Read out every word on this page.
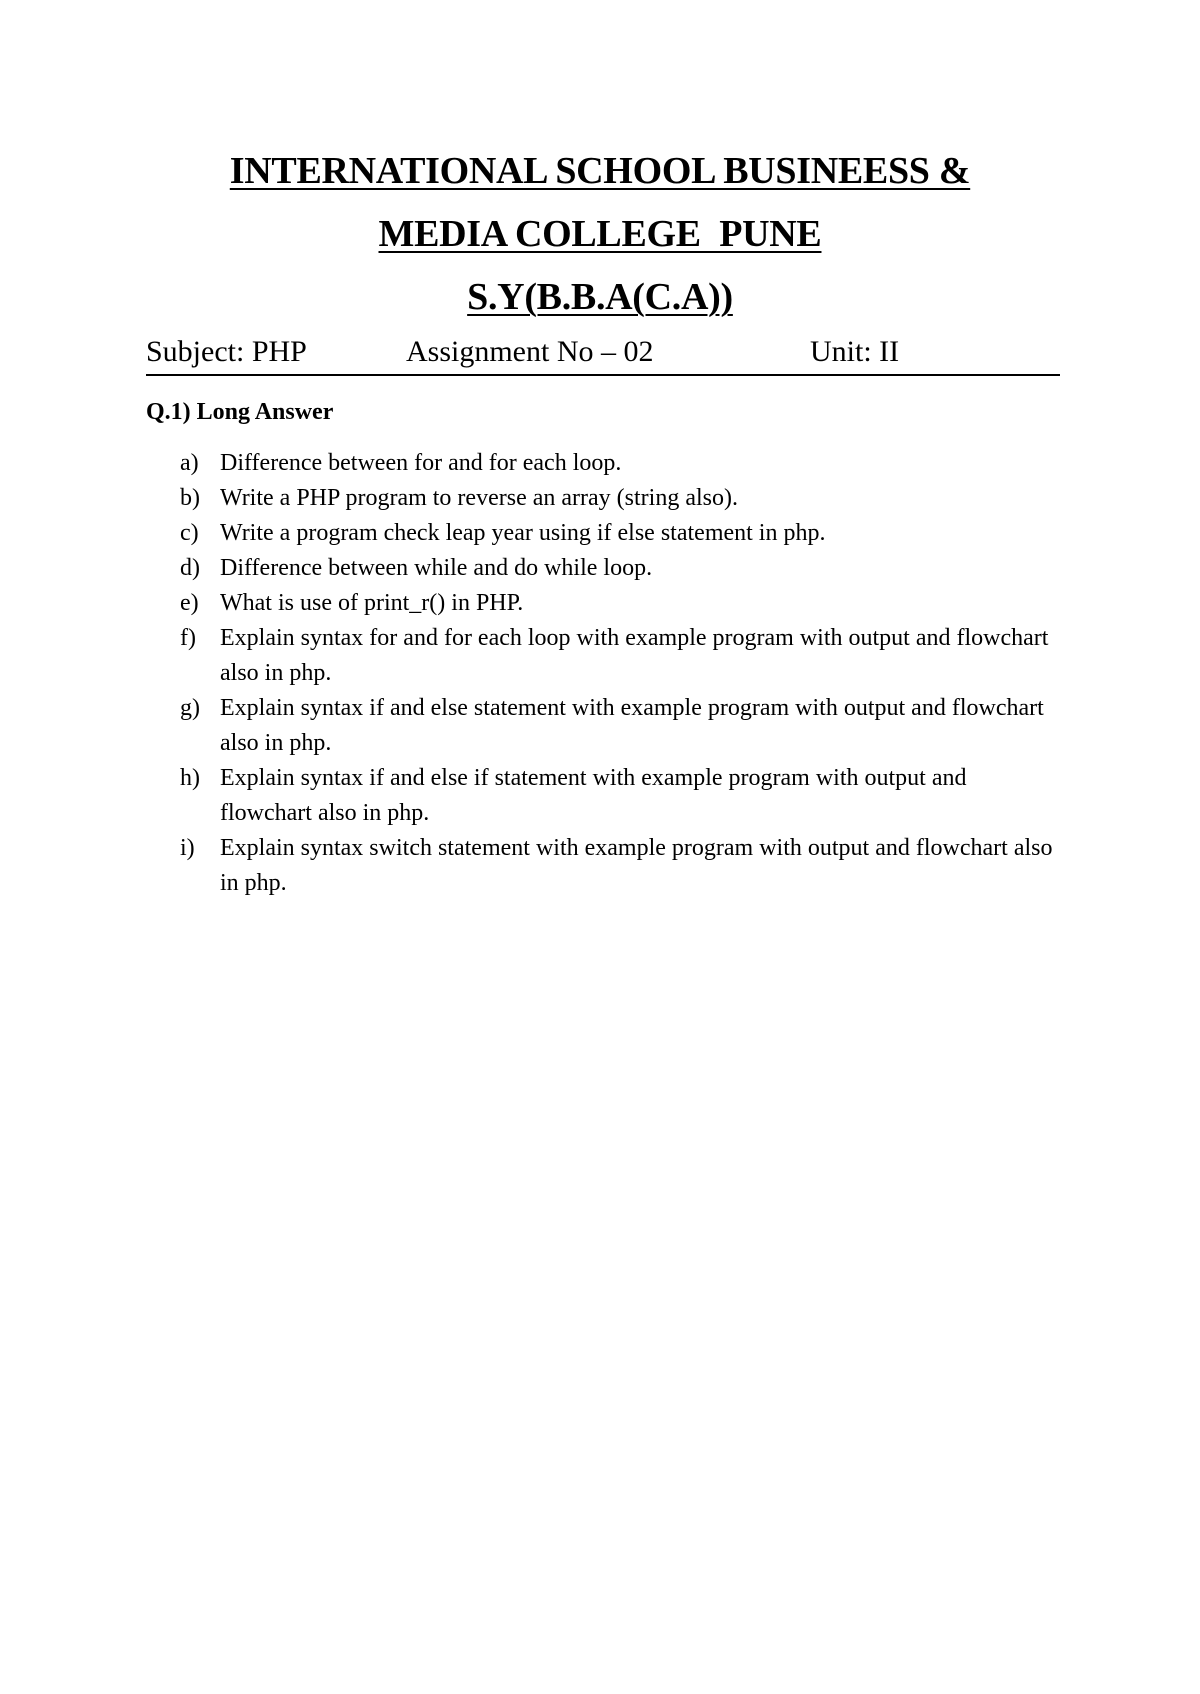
INTERNATIONAL SCHOOL BUSINEESS &
MEDIA COLLEGE  PUNE
S.Y(B.B.A(C.A))
Subject: PHP	Assignment No – 02	Unit: II
Q.1) Long Answer
a) Difference between for and for each loop.
b) Write a PHP program to reverse an array (string also).
c) Write a program check leap year using if else statement in php.
d) Difference between while and do while loop.
e) What is use of print_r() in PHP.
f) Explain syntax for and for each loop with example program with output and flowchart also in php.
g) Explain syntax if and else statement with example program with output and flowchart also in php.
h) Explain syntax if and else if statement with example program with output and flowchart also in php.
i) Explain syntax switch statement with example program with output and flowchart also in php.
